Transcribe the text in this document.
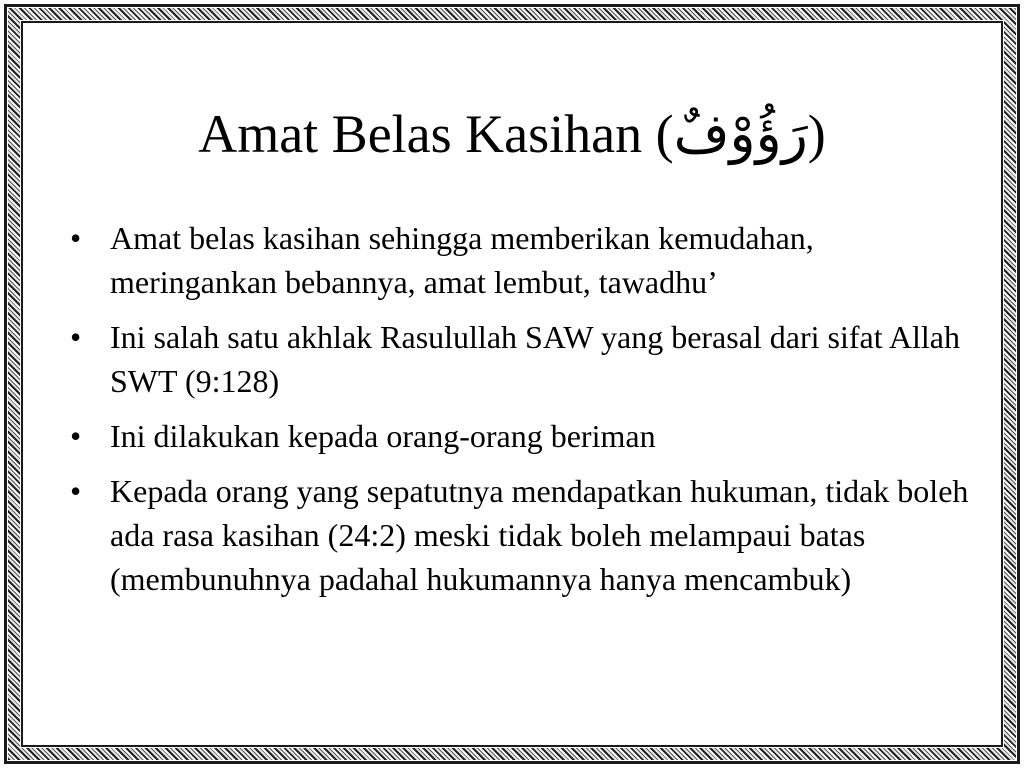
Amat Belas Kasihan (رَؤُوْفٌ)
• Amat belas kasihan sehingga memberikan kemudahan, meringankan bebannya, amat lembut, tawadhu’
• Ini salah satu akhlak Rasulullah SAW yang berasal dari sifat Allah SWT (9:128)
• Ini dilakukan kepada orang-orang beriman
• Kepada orang yang sepatutnya mendapatkan hukuman, tidak boleh ada rasa kasihan (24:2) meski tidak boleh melampaui batas (membunuhnya padahal hukumannya hanya mencambuk)
